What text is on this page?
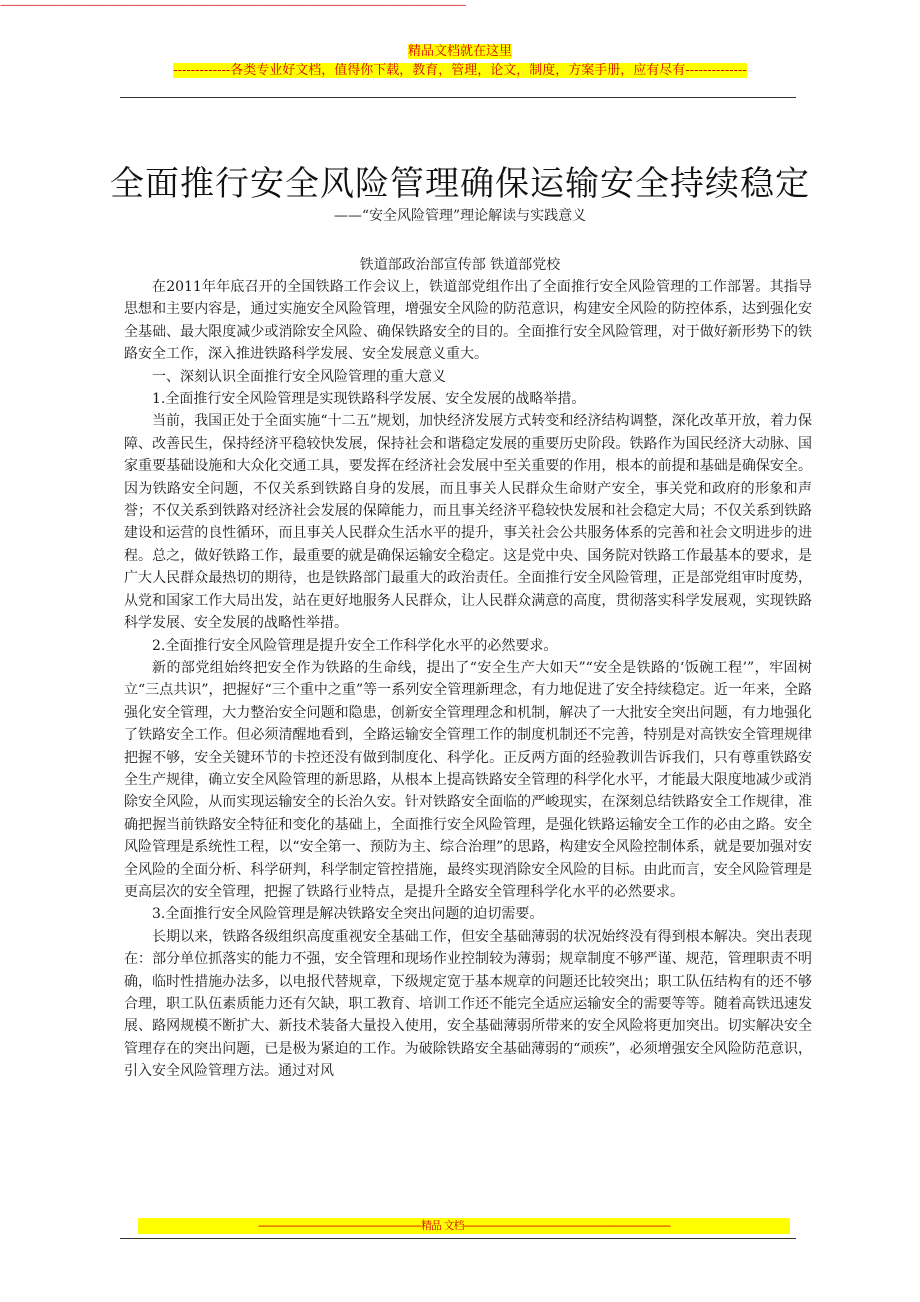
精品文档就在这里
-------------各类专业好文档，值得你下载，教育，管理，论文，制度，方案手册，应有尽有--------------
------------------------------------------------------------------------------------------------------------------------------------------------------------------------------------------------------------------------------------
全面推行安全风险管理确保运输安全持续稳定
——“安全风险管理”理论解读与实践意义
铁道部政治部宣传部 铁道部党校

在2011年年底召开的全国铁路工作会议上，铁道部党组作出了全面推行安全风险管理的工作部署。其指导思想和主要内容是，通过实施安全风险管理，增强安全风险的防范意识，构建安全风险的防控体系，达到强化安全基础、最大限度减少或消除安全风险、确保铁路安全的目的。全面推行安全风险管理，对于做好新形势下的铁路安全工作，深入推进铁路科学发展、安全发展意义重大。

一、深刻认识全面推行安全风险管理的重大意义

1.全面推行安全风险管理是实现铁路科学发展、安全发展的战略举措。

当前，我国正处于全面实施“十二五”规划，加快经济发展方式转变和经济结构调整，深化改革开放，着力保障、改善民生，保持经济平稳较快发展，保持社会和谐稳定发展的重要历史阶段。铁路作为国民经济大动脉、国家重要基础设施和大众化交通工具，要发挥在经济社会发展中至关重要的作用，根本的前提和基础是确保安全。因为铁路安全问题，不仅关系到铁路自身的发展，而且事关人民群众生命财产安全，事关党和政府的形象和声誉；不仅关系到铁路对经济社会发展的保障能力，而且事关经济平稳较快发展和社会稳定大局；不仅关系到铁路建设和运营的良性循环，而且事关人民群众生活水平的提升，事关社会公共服务体系的完善和社会文明进步的进程。总之，做好铁路工作，最重要的就是确保运输安全稳定。这是党中央、国务院对铁路工作最基本的要求，是广大人民群众最热切的期待，也是铁路部门最重大的政治责任。全面推行安全风险管理，正是部党组审时度势，从党和国家工作大局出发，站在更好地服务人民群众，让人民群众满意的高度，贯彻落实科学发展观，实现铁路科学发展、安全发展的战略性举措。

2.全面推行安全风险管理是提升安全工作科学化水平的必然要求。

新的部党组始终把安全作为铁路的生命线，提出了“安全生产大如天”“安全是铁路的‘饭碗工程’”，牢固树立“三点共识”，把握好“三个重中之重”等一系列安全管理新理念，有力地促进了安全持续稳定。近一年来，全路强化安全管理，大力整治安全问题和隐患，创新安全管理理念和机制，解决了一大批安全突出问题，有力地强化了铁路安全工作。但必须清醒地看到，全路运输安全管理工作的制度机制还不完善，特别是对高铁安全管理规律把握不够，安全关键环节的卡控还没有做到制度化、科学化。正反两方面的经验教训告诉我们，只有尊重铁路安全生产规律，确立安全风险管理的新思路，从根本上提高铁路安全管理的科学化水平，才能最大限度地减少或消除安全风险，从而实现运输安全的长治久安。针对铁路安全面临的严峻现实，在深刻总结铁路安全工作规律，准确把握当前铁路安全特征和变化的基础上，全面推行安全风险管理，是强化铁路运输安全工作的必由之路。安全风险管理是系统性工程，以“安全第一、预防为主、综合治理”的思路，构建安全风险控制体系，就是要加强对安全风险的全面分析、科学研判，科学制定管控措施，最终实现消除安全风险的目标。由此而言，安全风险管理是更高层次的安全管理，把握了铁路行业特点，是提升全路安全管理科学化水平的必然要求。

3.全面推行安全风险管理是解决铁路安全突出问题的迫切需要。

长期以来，铁路各级组织高度重视安全基础工作，但安全基础薄弱的状况始终没有得到根本解决。突出表现在：部分单位抓落实的能力不强，安全管理和现场作业控制较为薄弱；规章制度不够严谨、规范，管理职责不明确，临时性措施办法多，以电报代替规章，下级规定宽于基本规章的问题还比较突出；职工队伍结构有的还不够合理，职工队伍素质能力还有欠缺，职工教育、培训工作还不能完全适应运输安全的需要等等。随着高铁迅速发展、路网规模不断扩大、新技术装备大量投入使用，安全基础薄弱所带来的安全风险将更加突出。切实解决安全管理存在的突出问题，已是极为紧迫的工作。为破除铁路安全基础薄弱的“顽疾”，必须增强安全风险防范意识，引入安全风险管理方法。通过对风

------------------------------------------------------------精品 文档----------------------------------------------------------------------------
